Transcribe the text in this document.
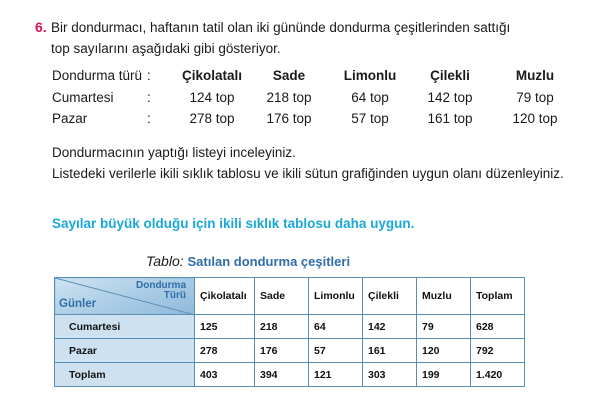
6. Bir dondurmacı, haftanın tatil olan iki gününde dondurma çeşitlerinden sattığı
top sayılarını aşağıdaki gibi gösteriyor.
Dondurma türü : Çikolatalı	Sade	Limonlu	Çilekli	Muzlu
Cumartesi :	124 top	218 top	64 top	142 top	79 top
Pazar	:	278 top	176 top	57 top	161 top	120 top
Dondurmacının yaptığı listeyi inceleyiniz.
Listedeki verilerle ikili sıklık tablosu ve ikili sütun grafiğinden uygun olanı düzenleyiniz.
Sayılar büyük olduğu için ikili sıklık tablosu daha uygun.
Tablo: Satılan dondurma çeşitleri
Dondurma
Türü
Günler	Çikolatalı	Sade	Limonlu	Çilekli	Muzlu	Toplam
Cumartesi	125	218	64	142	79	628
Pazar	278	176	57	161	120	792
Toplam	403	394	121	303	199	1.420
